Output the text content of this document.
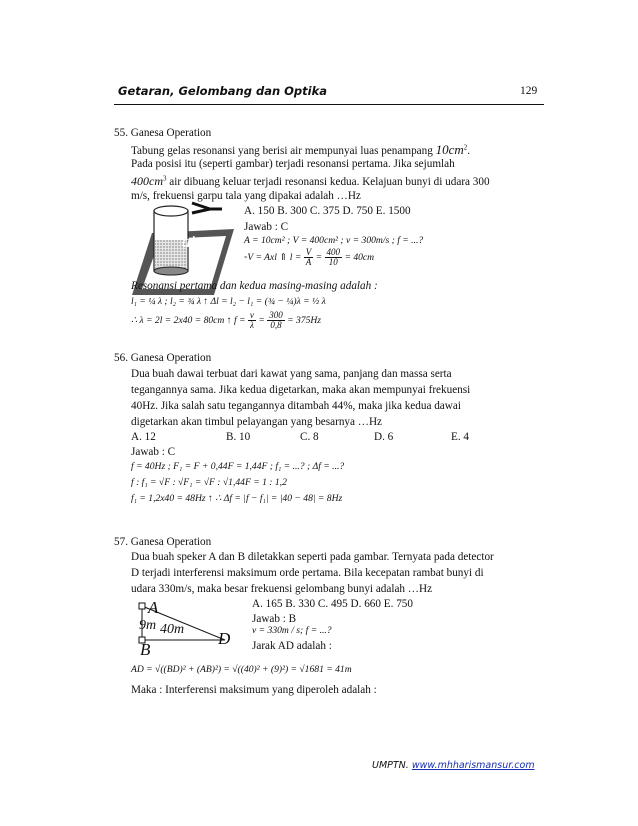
Getaran, Gelombang dan Optika	129
55. Ganesa Operation
Tabung gelas resonansi yang berisi air mempunyai luas penampang $10cm^2$.
Pada posisi itu (seperti gambar) terjadi resonansi pertama. Jika sejumlah
$400cm^3$ air dibuang keluar terjadi resonansi kedua. Kelajuan bunyi di udara 300
m/s, frekuensi garpu tala yang dipakai adalah …Hz
air
A. 150 B. 300 C. 375 D. 750 E. 1500
Jawab : C
A = 10cm² ; V = 400cm² ; v = 300m/s ; f = ...?
◦V = Axl ⇑ $l = \frac{V}{A} = \frac{400}{10} = 40cm$
Resonansi pertama dan kedua masing-masing adalah :
l₁ = ¼ λ ; l₂ = ¾ λ ↑ Δl = l₂ − l₁ = (¾ − ¼)λ = ½ λ
∴ λ = 2l = 2x40 = 80cm ↑ $f = \frac{v}{\lambda} = \frac{300}{0,8} = 375Hz$
56. Ganesa Operation
Dua buah dawai terbuat dari kawat yang sama, panjang dan massa serta
tegangannya sama. Jika kedua digetarkan, maka akan mempunyai frekuensi
40Hz. Jika salah satu tegangannya ditambah 44%, maka jika kedua dawai
digetarkan akan timbul pelayangan yang besarnya …Hz
A. 12	B. 10	C. 8	D. 6	E. 4
Jawab : C
f = 40Hz ; F₁ = F + 0,44F = 1,44F ; f₁ = ...? ; Δf = ...?
f : f₁ = √F : √F₁ = √F : √1,44F = 1 : 1,2
f₁ = 1,2x40 = 48Hz ↑ ∴ Δf = |f − f₁| = |40 − 48| = 8Hz
57. Ganesa Operation
Dua buah speker A dan B diletakkan seperti pada gambar. Ternyata pada detector
D terjadi interferensi maksimum orde pertama. Bila kecepatan rambat bunyi di
udara 330m/s, maka besar frekuensi gelombang bunyi adalah …Hz
A
9m 40m D
B
A. 165 B. 330 C. 495 D. 660 E. 750
Jawab : B
v = 330m / s; f = ...?
Jarak AD adalah :
AD = √((BD)² + (AB)²) = √((40)² + (9)²) = √1681 = 41m
Maka : Interferensi maksimum yang diperoleh adalah :
UMPTN. www.mhharismansur.com
